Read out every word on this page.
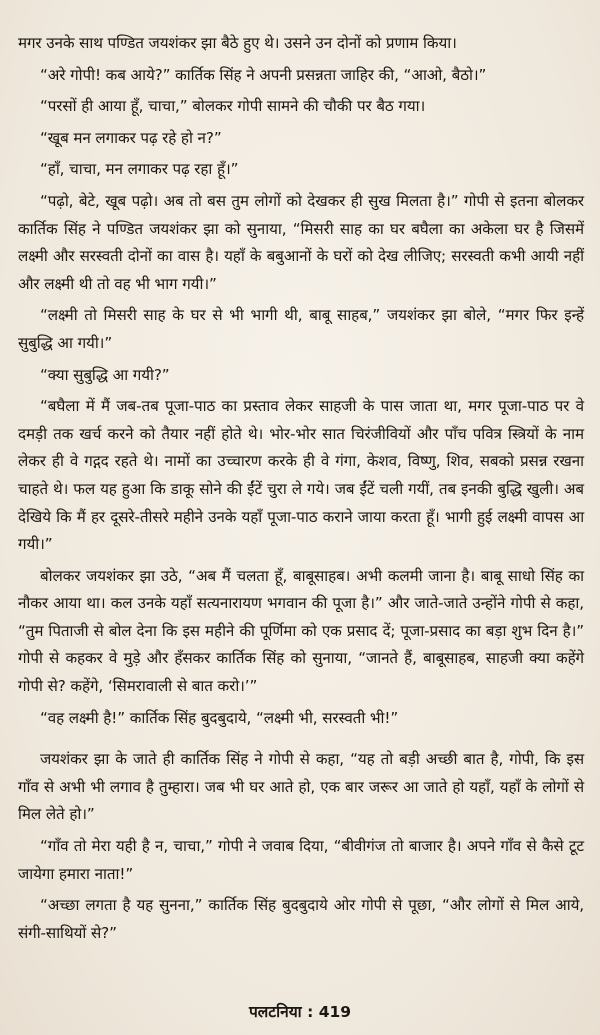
मगर उनके साथ पण्डित जयशंकर झा बैठे हुए थे। उसने उन दोनों को प्रणाम किया।

“अरे गोपी! कब आये?” कार्तिक सिंह ने अपनी प्रसन्नता जाहिर की, “आओ, बैठो।”

“परसों ही आया हूँ, चाचा,” बोलकर गोपी सामने की चौकी पर बैठ गया।

“खूब मन लगाकर पढ़ रहे हो न?”

“हाँ, चाचा, मन लगाकर पढ़ रहा हूँ।”

“पढ़ो, बेटे, खूब पढ़ो। अब तो बस तुम लोगों को देखकर ही सुख मिलता है।” गोपी से इतना बोलकर कार्तिक सिंह ने पण्डित जयशंकर झा को सुनाया, “मिसरी साह का घर बघैला का अकेला घर है जिसमें लक्ष्मी और सरस्वती दोनों का वास है। यहाँ के बबुआनों के घरों को देख लीजिए; सरस्वती कभी आयी नहीं और लक्ष्मी थी तो वह भी भाग गयी।”

“लक्ष्मी तो मिसरी साह के घर से भी भागी थी, बाबू साहब,” जयशंकर झा बोले, “मगर फिर इन्हें सुबुद्धि आ गयी।”

“क्या सुबुद्धि आ गयी?”

“बघैला में मैं जब-तब पूजा-पाठ का प्रस्ताव लेकर साहजी के पास जाता था, मगर पूजा-पाठ पर वे दमड़ी तक खर्च करने को तैयार नहीं होते थे। भोर-भोर सात चिरंजीवियों और पाँच पवित्र स्त्रियों के नाम लेकर ही वे गद्गद रहते थे। नामों का उच्चारण करके ही वे गंगा, केशव, विष्णु, शिव, सबको प्रसन्न रखना चाहते थे। फल यह हुआ कि डाकू सोने की ईंटें चुरा ले गये। जब ईंटें चली गयीं, तब इनकी बुद्धि खुली। अब देखिये कि मैं हर दूसरे-तीसरे महीने उनके यहाँ पूजा-पाठ कराने जाया करता हूँ। भागी हुई लक्ष्मी वापस आ गयी।”

बोलकर जयशंकर झा उठे, “अब मैं चलता हूँ, बाबूसाहब। अभी कलमी जाना है। बाबू साधो सिंह का नौकर आया था। कल उनके यहाँ सत्यनारायण भगवान की पूजा है।” और जाते-जाते उन्होंने गोपी से कहा, “तुम पिताजी से बोल देना कि इस महीने की पूर्णिमा को एक प्रसाद दें; पूजा-प्रसाद का बड़ा शुभ दिन है।” गोपी से कहकर वे मुड़े और हँसकर कार्तिक सिंह को सुनाया, “जानते हैं, बाबूसाहब, साहजी क्या कहेंगे गोपी से? कहेंगे, ‘सिमरावाली से बात करो।’”

“वह लक्ष्मी है!” कार्तिक सिंह बुदबुदाये, “लक्ष्मी भी, सरस्वती भी!”

जयशंकर झा के जाते ही कार्तिक सिंह ने गोपी से कहा, “यह तो बड़ी अच्छी बात है, गोपी, कि इस गाँव से अभी भी लगाव है तुम्हारा। जब भी घर आते हो, एक बार जरूर आ जाते हो यहाँ, यहाँ के लोगों से मिल लेते हो।”

“गाँव तो मेरा यही है न, चाचा,” गोपी ने जवाब दिया, “बीवीगंज तो बाजार है। अपने गाँव से कैसे टूट जायेगा हमारा नाता!”

“अच्छा लगता है यह सुनना,” कार्तिक सिंह बुदबुदाये ओर गोपी से पूछा, “और लोगों से मिल आये, संगी-साथियों से?”

पलटनिया : 419
